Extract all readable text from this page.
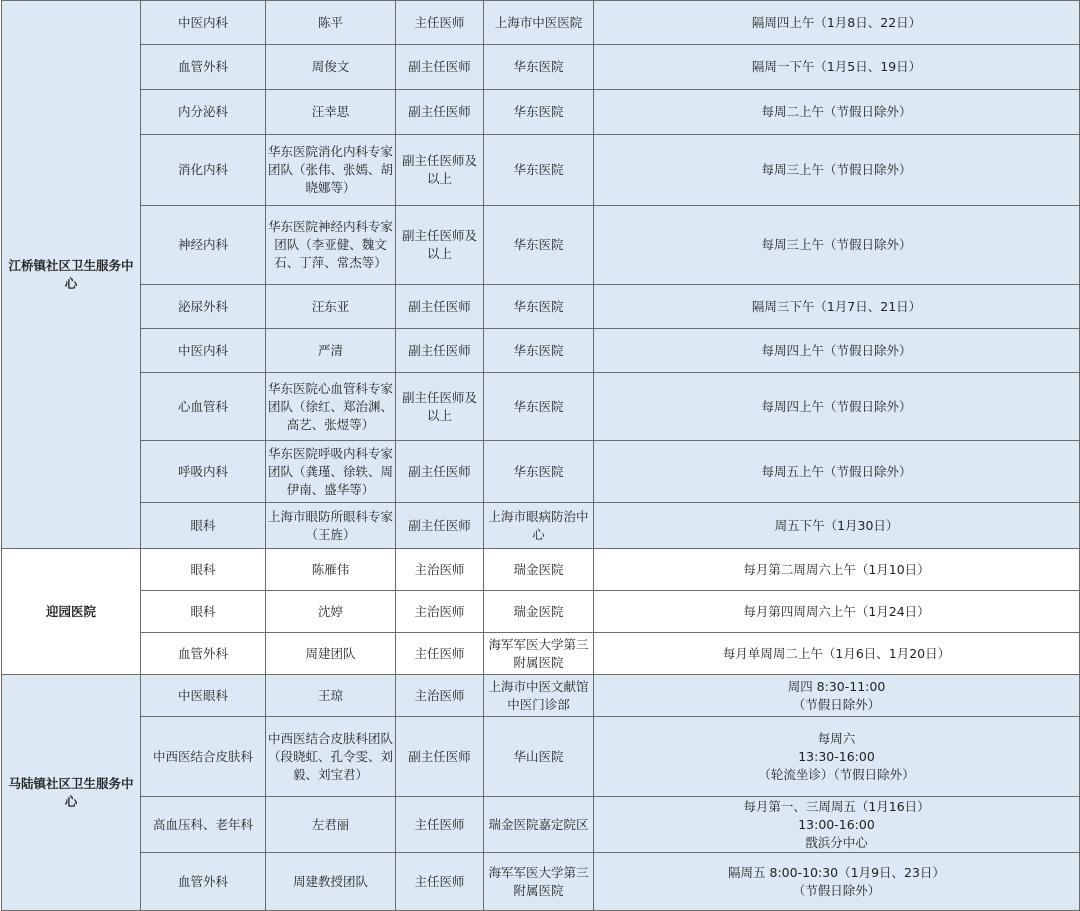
江桥镇社区卫生服务中心	中医内科	陈平	主任医师	上海市中医医院	隔周四上午（1月8日、22日）

	血管外科	周俊文	副主任医师	华东医院	隔周一下午（1月5日、19日）

	内分泌科	汪幸思	副主任医师	华东医院	每周二上午（节假日除外）

	消化内科	华东医院消化内科专家团队（张伟、张嫣、胡晓娜等）	副主任医师及以上	华东医院	每周三上午（节假日除外）

	神经内科	华东医院神经内科专家团队（李亚健、魏文石、丁萍、常杰等）	副主任医师及以上	华东医院	每周三上午（节假日除外）

	泌尿外科	汪东亚	副主任医师	华东医院	隔周三下午（1月7日、21日）

	中医内科	严清	副主任医师	华东医院	每周四上午（节假日除外）

	心血管科	华东医院心血管科专家团队（徐红、郑治渊、高艺、张煜等）	副主任医师及以上	华东医院	每周四上午（节假日除外）

	呼吸内科	华东医院呼吸内科专家团队（龚瑾、徐轶、周伊南、盛华等）	副主任医师	华东医院	每周五上午（节假日除外）

	眼科	上海市眼防所眼科专家（王旌）	副主任医师	上海市眼病防治中心	周五下午（1月30日）

迎园医院	眼科	陈雁伟	主治医师	瑞金医院	每月第二周周六上午（1月10日）

	眼科	沈婷	主治医师	瑞金医院	每月第四周周六上午（1月24日）

	血管外科	周建团队	主任医师	海军军医大学第三附属医院	每月单周周二上午（1月6日、1月20日）

马陆镇社区卫生服务中心	中医眼科	王琼	主治医师	上海市中医文献馆中医门诊部	周四 8:30-11:00
（节假日除外）

	中西医结合皮肤科	中西医结合皮肤科团队（段晓虹、孔令雯、刘毅、刘宝君）	副主任医师	华山医院	每周六
13:30-16:00
（轮流坐诊）（节假日除外）

	高血压科、老年科	左君丽	主任医师	瑞金医院嘉定院区	每月第一、三周周五（1月16日）
13:00-16:00
戬浜分中心

	血管外科	周建教授团队	主任医师	海军军医大学第三附属医院	隔周五 8:00-10:30（1月9日、23日）
（节假日除外）
